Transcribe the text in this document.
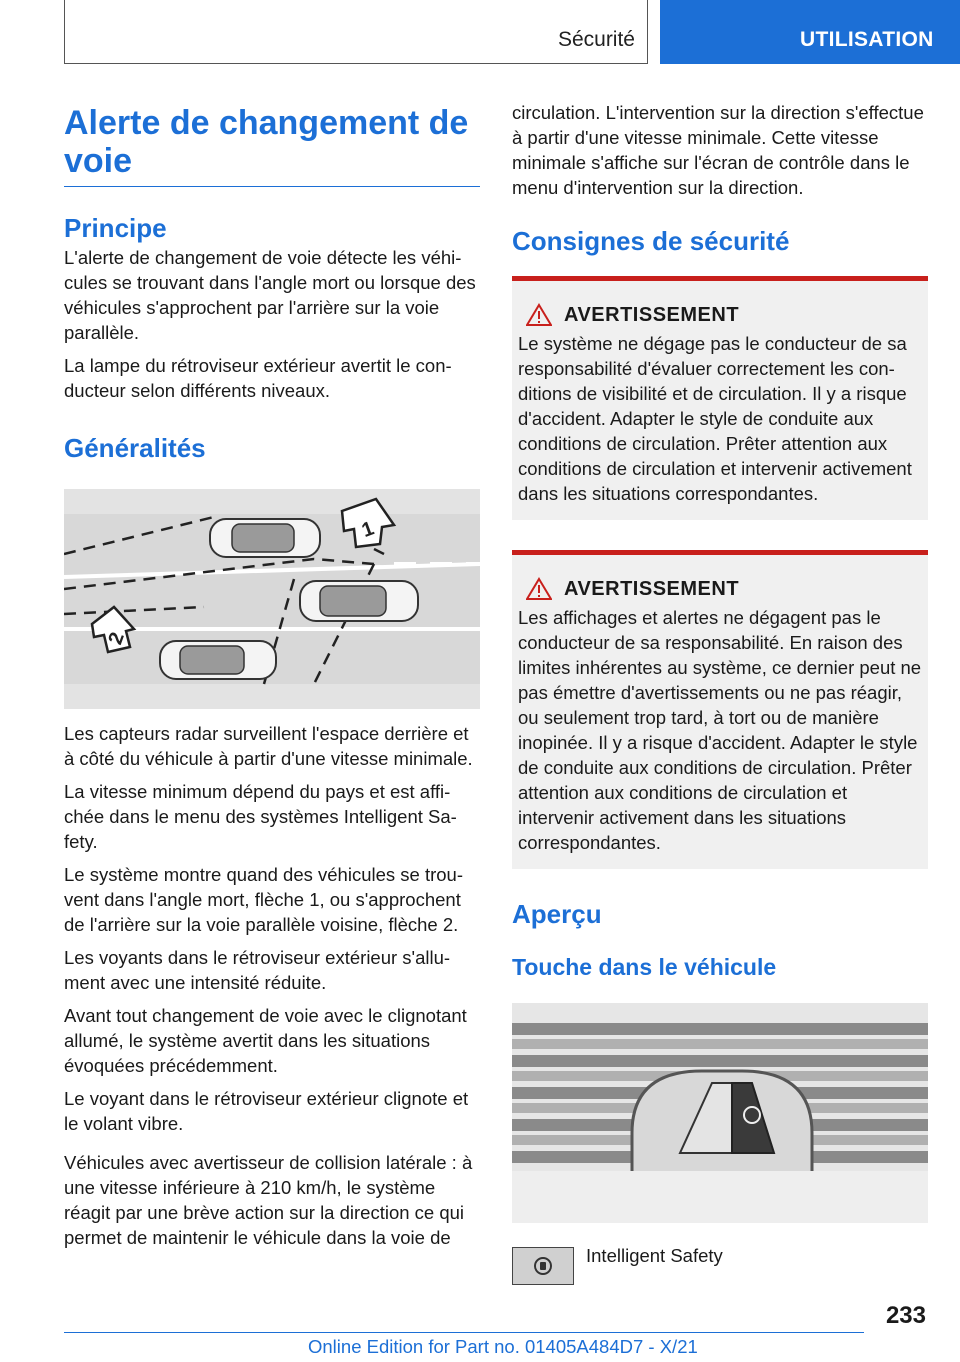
Sécurité	UTILISATION
Alerte de changement de voie
Principe

L'alerte de changement de voie détecte les véhicules se trouvant dans l'angle mort ou lorsque des véhicules s'approchent par l'arrière sur la voie parallèle.

La lampe du rétroviseur extérieur avertit le conducteur selon différents niveaux.

Généralités
1
2

Les capteurs radar surveillent l'espace derrière et à côté du véhicule à partir d'une vitesse minimale.

La vitesse minimum dépend du pays et est affichée dans le menu des systèmes Intelligent Safety.

Le système montre quand des véhicules se trouvent dans l'angle mort, flèche 1, ou s'approchent de l'arrière sur la voie parallèle voisine, flèche 2.

Les voyants dans le rétroviseur extérieur s'allument avec une intensité réduite.

Avant tout changement de voie avec le clignotant allumé, le système avertit dans les situations évoquées précédemment.

Le voyant dans le rétroviseur extérieur clignote et le volant vibre.

Véhicules avec avertisseur de collision latérale : à une vitesse inférieure à 210 km/h, le système réagit par une brève action sur la direction ce qui permet de maintenir le véhicule dans la voie de

circulation. L'intervention sur la direction s'effectue à partir d'une vitesse minimale. Cette vitesse minimale s'affiche sur l'écran de contrôle dans le menu d'intervention sur la direction.

Consignes de sécurité
AVERTISSEMENT

Le système ne dégage pas le conducteur de sa responsabilité d'évaluer correctement les conditions de visibilité et de circulation. Il y a risque d'accident. Adapter le style de conduite aux conditions de circulation. Prêter attention aux conditions de circulation et intervenir activement dans les situations correspondantes.

AVERTISSEMENT

Les affichages et alertes ne dégagent pas le conducteur de sa responsabilité. En raison des limites inhérentes au système, ce dernier peut ne pas émettre d'avertissements ou ne pas réagir, ou seulement trop tard, à tort ou de manière inopinée. Il y a risque d'accident. Adapter le style de conduite aux conditions de circulation. Prêter attention aux conditions de circulation et intervenir activement dans les situations correspondantes.

Aperçu
Touche dans le véhicule

Intelligent Safety

233
Online Edition for Part no. 01405A484D7 - X/21
